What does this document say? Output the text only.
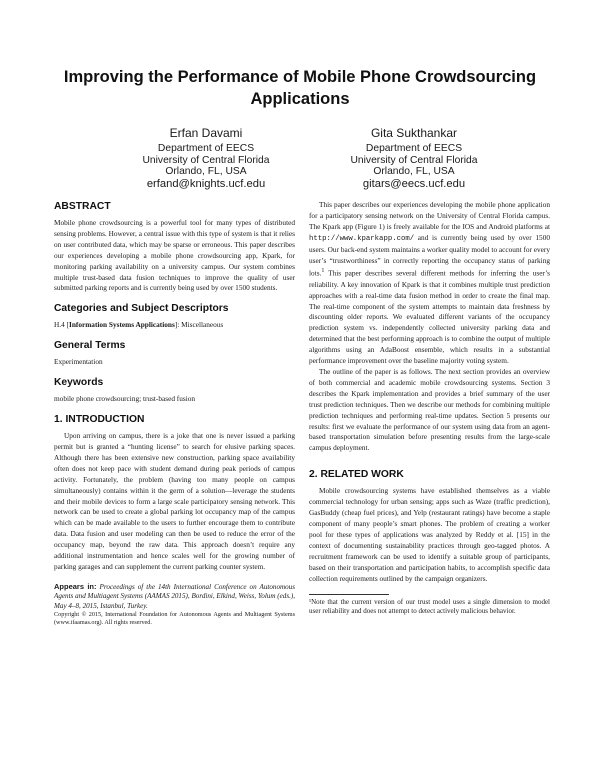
Improving the Performance of Mobile Phone Crowdsourcing Applications
Erfan Davami
Department of EECS
University of Central Florida
Orlando, FL, USA
erfand@knights.ucf.edu
Gita Sukthankar
Department of EECS
University of Central Florida
Orlando, FL, USA
gitars@eecs.ucf.edu
ABSTRACT

Mobile phone crowdsourcing is a powerful tool for many types of distributed sensing problems. However, a central issue with this type of system is that it relies on user contributed data, which may be sparse or erroneous. This paper describes our experiences developing a mobile phone crowdsourcing app, Kpark, for monitoring parking availability on a university campus. Our system combines multiple trust-based data fusion techniques to improve the quality of user submitted parking reports and is currently being used by over 1500 students.

Categories and Subject Descriptors

H.4 [Information Systems Applications]: Miscellaneous

General Terms

Experimentation

Keywords

mobile phone crowdsourcing; trust-based fusion

1. INTRODUCTION

Upon arriving on campus, there is a joke that one is never issued a parking permit but is granted a “hunting license” to search for elusive parking spaces. Although there has been extensive new construction, parking space availability often does not keep pace with student demand during peak periods of campus activity. Fortunately, the problem (having too many people on campus simultaneously) contains within it the germ of a solution—leverage the students and their mobile devices to form a large scale participatory sensing network. This network can be used to create a global parking lot occupancy map of the campus which can be made available to the users to further encourage them to contribute data. Data fusion and user modeling can then be used to reduce the error of the occupancy map, beyond the raw data. This approach doesn’t require any additional instrumentation and hence scales well for the growing number of parking garages and can supplement the current parking counter system.

Appears in: Proceedings of the 14th International Conference on Autonomous Agents and Multiagent Systems (AAMAS 2015), Bordini, Elkind, Weiss, Yolum (eds.), May 4–8, 2015, Istanbul, Turkey.
Copyright © 2015, International Foundation for Autonomous Agents and Multiagent Systems (www.ifaamas.org). All rights reserved.

This paper describes our experiences developing the mobile phone application for a participatory sensing network on the University of Central Florida campus. The Kpark app (Figure 1) is freely available for the IOS and Android platforms at http://www.kparkapp.com/ and is currently being used by over 1500 users. Our back-end system maintains a worker quality model to account for every user’s “trustworthiness” in correctly reporting the occupancy status of parking lots.$^1$ This paper describes several different methods for inferring the user’s reliability. A key innovation of Kpark is that it combines multiple trust prediction approaches with a real-time data fusion method in order to create the final map. The real-time component of the system attempts to maintain data freshness by discounting older reports. We evaluated different variants of the occupancy prediction system vs. independently collected university parking data and determined that the best performing approach is to combine the output of multiple algorithms using an AdaBoost ensemble, which results in a substantial performance improvement over the baseline majority voting system.

The outline of the paper is as follows. The next section provides an overview of both commercial and academic mobile crowdsourcing systems. Section 3 describes the Kpark implementation and provides a brief summary of the user trust prediction techniques. Then we describe our methods for combining multiple prediction techniques and performing real-time updates. Section 5 presents our results: first we evaluate the performance of our system using data from an agent-based transportation simulation before presenting results from the large-scale campus deployment.

2. RELATED WORK

Mobile crowdsourcing systems have established themselves as a viable commercial technology for urban sensing; apps such as Waze (traffic prediction), GasBuddy (cheap fuel prices), and Yelp (restaurant ratings) have become a staple component of many people’s smart phones. The problem of creating a worker pool for these types of applications was analyzed by Reddy et al. [15] in the context of documenting sustainability practices through geo-tagged photos. A recruitment framework can be used to identify a suitable group of participants, based on their transportation and participation habits, to accomplish specific data collection requirements outlined by the campaign organizers.

¹Note that the current version of our trust model uses a single dimension to model user reliability and does not attempt to detect actively malicious behavior.
